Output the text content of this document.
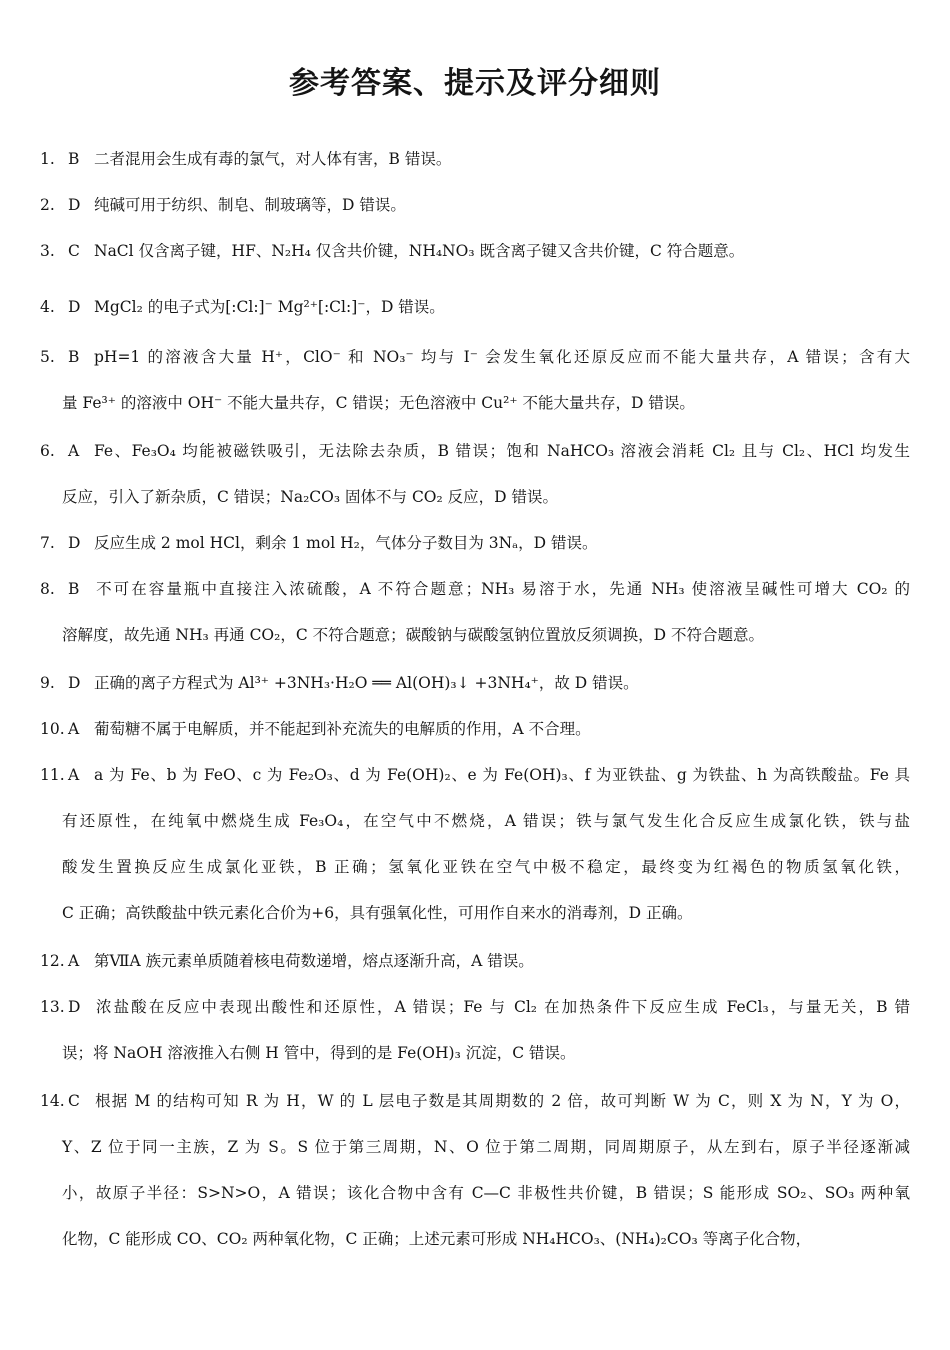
参考答案、提示及评分细则
1. B 二者混用会生成有毒的氯气，对人体有害，B 错误。
2. D 纯碱可用于纺织、制皂、制玻璃等，D 错误。
3. C NaCl 仅含离子键，HF、N₂H₄ 仅含共价键，NH₄NO₃ 既含离子键又含共价键，C 符合题意。
4. D MgCl₂ 的电子式为[:Cl:]⁻ Mg²⁺[:Cl:]⁻，D 错误。
5. B pH=1 的溶液含大量 H⁺，ClO⁻ 和 NO₃⁻ 均与 I⁻ 会发生氧化还原反应而不能大量共存，A 错误；含有大
量 Fe³⁺ 的溶液中 OH⁻ 不能大量共存，C 错误；无色溶液中 Cu²⁺ 不能大量共存，D 错误。
6. A Fe、Fe₃O₄ 均能被磁铁吸引，无法除去杂质，B 错误；饱和 NaHCO₃ 溶液会消耗 Cl₂ 且与 Cl₂、HCl 均发生
反应，引入了新杂质，C 错误；Na₂CO₃ 固体不与 CO₂ 反应，D 错误。
7. D 反应生成 2 mol HCl，剩余 1 mol H₂，气体分子数目为 3Nₐ，D 错误。
8. B 不可在容量瓶中直接注入浓硫酸，A 不符合题意；NH₃ 易溶于水，先通 NH₃ 使溶液呈碱性可增大 CO₂ 的
溶解度，故先通 NH₃ 再通 CO₂，C 不符合题意；碳酸钠与碳酸氢钠位置放反须调换，D 不符合题意。
9. D 正确的离子方程式为 Al³⁺ +3NH₃·H₂O ══ Al(OH)₃↓ +3NH₄⁺，故 D 错误。
10. A 葡萄糖不属于电解质，并不能起到补充流失的电解质的作用，A 不合理。
11. A a 为 Fe、b 为 FeO、c 为 Fe₂O₃、d 为 Fe(OH)₂、e 为 Fe(OH)₃、f 为亚铁盐、g 为铁盐、h 为高铁酸盐。Fe 具
有还原性，在纯氧中燃烧生成 Fe₃O₄，在空气中不燃烧，A 错误；铁与氯气发生化合反应生成氯化铁，铁与盐
酸发生置换反应生成氯化亚铁，B 正确；氢氧化亚铁在空气中极不稳定，最终变为红褐色的物质氢氧化铁，
C 正确；高铁酸盐中铁元素化合价为+6，具有强氧化性，可用作自来水的消毒剂，D 正确。
12. A 第ⅦA 族元素单质随着核电荷数递增，熔点逐渐升高，A 错误。
13. D 浓盐酸在反应中表现出酸性和还原性，A 错误；Fe 与 Cl₂ 在加热条件下反应生成 FeCl₃，与量无关，B 错
误；将 NaOH 溶液推入右侧 H 管中，得到的是 Fe(OH)₃ 沉淀，C 错误。
14. C 根据 M 的结构可知 R 为 H，W 的 L 层电子数是其周期数的 2 倍，故可判断 W 为 C，则 X 为 N，Y 为 O，
Y、Z 位于同一主族，Z 为 S。S 位于第三周期，N、O 位于第二周期，同周期原子，从左到右，原子半径逐渐减
小，故原子半径：S>N>O，A 错误；该化合物中含有 C—C 非极性共价键，B 错误；S 能形成 SO₂、SO₃ 两种氧
化物，C 能形成 CO、CO₂ 两种氧化物，C 正确；上述元素可形成 NH₄HCO₃、(NH₄)₂CO₃ 等离子化合物，
